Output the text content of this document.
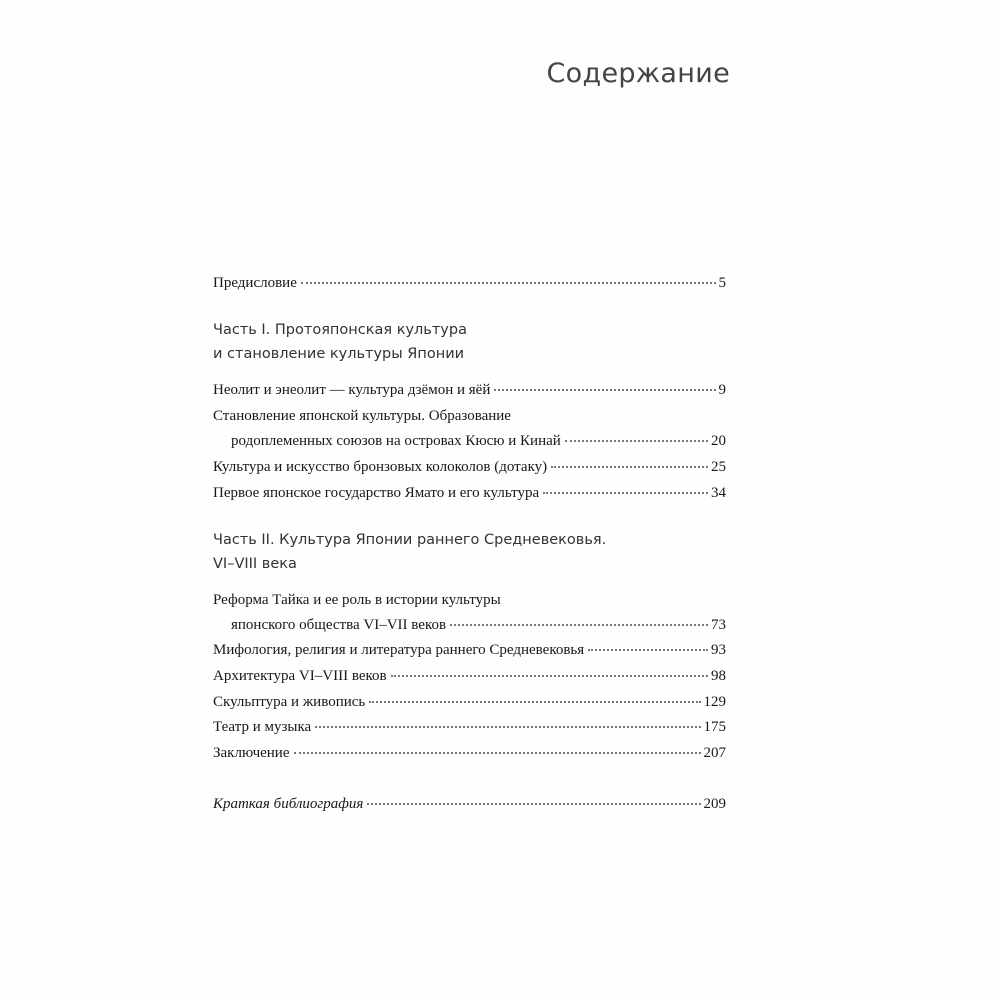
Содержание
Предисловие	5
Часть I. Протояпонская культура
и становление культуры Японии
Неолит и энеолит — культура дзёмон и яёй	9
Становление японской культуры. Образование
родоплеменных союзов на островах Кюсю и Кинай	20
Культура и искусство бронзовых колоколов (дотаку)	25
Первое японское государство Ямато и его культура	34
Часть II. Культура Японии раннего Средневековья.
VI–VIII века
Реформа Тайка и ее роль в истории культуры
японского общества VI–VII веков	73
Мифология, религия и литература раннего Средневековья	93
Архитектура VI–VIII веков	98
Скульптура и живопись	129
Театр и музыка	175
Заключение	207
Краткая библиография	209
